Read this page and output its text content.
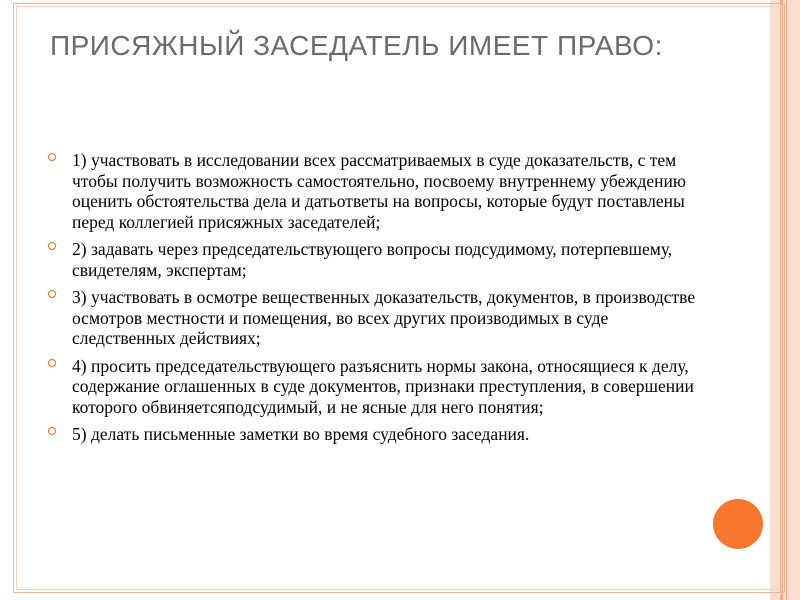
ПРИСЯЖНЫЙ ЗАСЕДАТЕЛЬ ИМЕЕТ ПРАВО:
1) участвовать в исследовании всех рассматриваемых в суде доказательств, с тем чтобы получить возможность самостоятельно, посвоему внутреннему убеждению оценить обстоятельства дела и датьответы на вопросы, которые будут поставлены перед коллегией присяжных заседателей;
2) задавать через председательствующего вопросы подсудимому, потерпевшему, свидетелям, экспертам;
3) участвовать в осмотре вещественных доказательств, документов, в производстве осмотров местности и помещения, во всех других производимых в суде следственных действиях;
4) просить председательствующего разъяснить нормы закона, относящиеся к делу, содержание оглашенных в суде документов, признаки преступления, в совершении которого обвиняетсяподсудимый, и не ясные для него понятия;
5) делать письменные заметки во время судебного заседания.
